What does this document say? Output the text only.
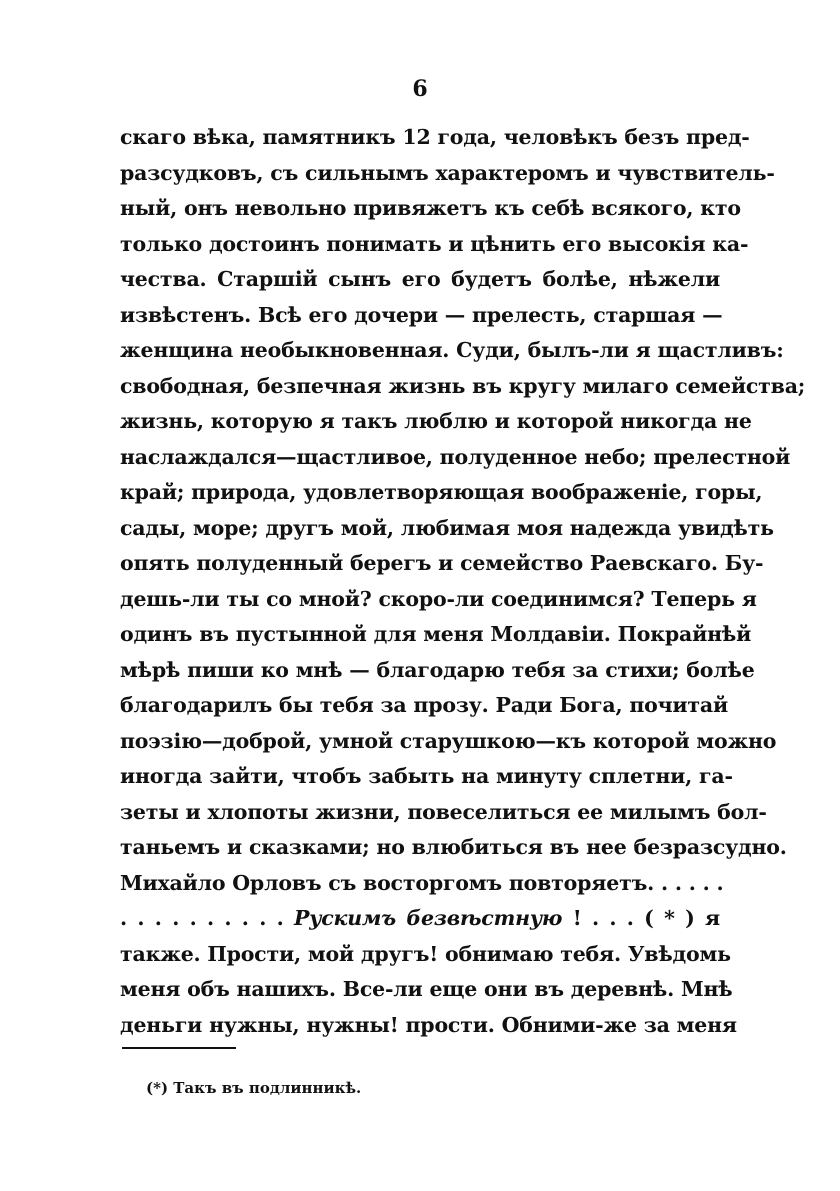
6
скаго вѣка, памятникъ 12 года, человѣкъ безъ пред-
разсудковъ, съ сильнымъ характеромъ и чувствитель-
ный, онъ невольно привяжетъ къ себѣ всякого, кто
только достоинъ понимать и цѣнить его высокія ка-
чества. Старшій сынъ его будетъ болѣе, нѣжели
извѣстенъ. Всѣ его дочери — прелесть, старшая —
женщина необыкновенная. Суди, былъ-ли я щастливъ:
свободная, безпечная жизнь въ кругу милаго семейства;
жизнь, которую я такъ люблю и которой никогда не
наслаждался—щастливое, полуденное небо; прелестной
край; природа, удовлетворяющая воображеніе, горы,
сады, море; другъ мой, любимая моя надежда увидѣть
опять полуденный берегъ и семейство Раевскаго. Бу-
дешь-ли ты со мной? скоро-ли соединимся? Теперь я
одинъ въ пустынной для меня Молдавіи. Покрайнѣй
мѣрѣ пиши ко мнѣ — благодарю тебя за стихи; болѣе
благодарилъ бы тебя за прозу. Ради Бога, почитай
поэзію—доброй, умной старушкою—къ которой можно
иногда зайти, чтобъ забыть на минуту сплетни, га-
зеты и хлопоты жизни, повеселиться ее милымъ бол-
таньемъ и сказками; но влюбиться въ нее безразсудно.
Михайло Орловъ съ восторгомъ повторяетъ. . . . . .
. . . . . . . . . . Рускимъ безвѣстную ! . . . ( * ) я
также. Прости, мой другъ! обнимаю тебя. Увѣдомь
меня объ нашихъ. Все-ли еще они въ деревнѣ. Мнѣ
деньги нужны, нужны! прости. Обними-же за меня
(*) Такъ въ подлинникѣ.
